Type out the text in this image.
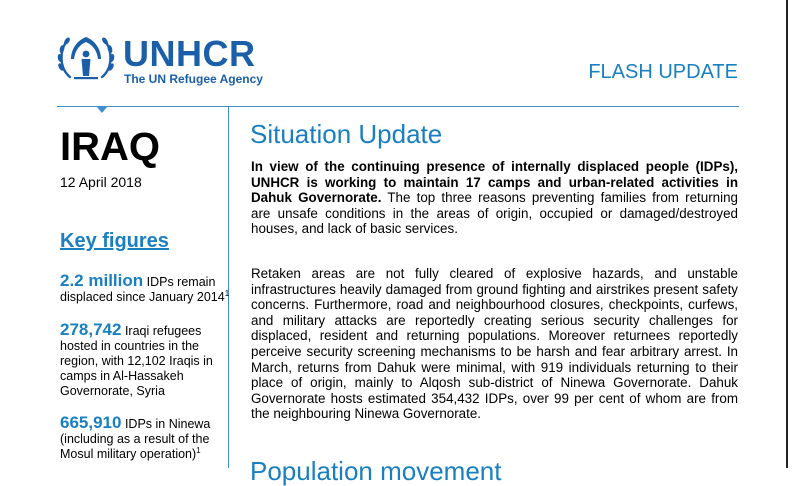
UNHCR
The UN Refugee Agency	FLASH UPDATE
IRAQ
12 April 2018
Key figures

2.2 million IDPs remain displaced since January 2014$^1$

278,742 Iraqi refugees hosted in countries in the region, with 12,102 Iraqis in camps in Al-Hassakeh Governorate, Syria

665,910 IDPs in Ninewa (including as a result of the Mosul military operation)$^1$

Situation Update

In view of the continuing presence of internally displaced people (IDPs), UNHCR is working to maintain 17 camps and urban-related activities in Dahuk Governorate. The top three reasons preventing families from returning are unsafe conditions in the areas of origin, occupied or damaged/destroyed houses, and lack of basic services.

Retaken areas are not fully cleared of explosive hazards, and unstable infrastructures heavily damaged from ground fighting and airstrikes present safety concerns. Furthermore, road and neighbourhood closures, checkpoints, curfews, and military attacks are reportedly creating serious security challenges for displaced, resident and returning populations. Moreover returnees reportedly perceive security screening mechanisms to be harsh and fear arbitrary arrest. In March, returns from Dahuk were minimal, with 919 individuals returning to their place of origin, mainly to Alqosh sub-district of Ninewa Governorate. Dahuk Governorate hosts estimated 354,432 IDPs, over 99 per cent of whom are from the neighbouring Ninewa Governorate.

Population movement
